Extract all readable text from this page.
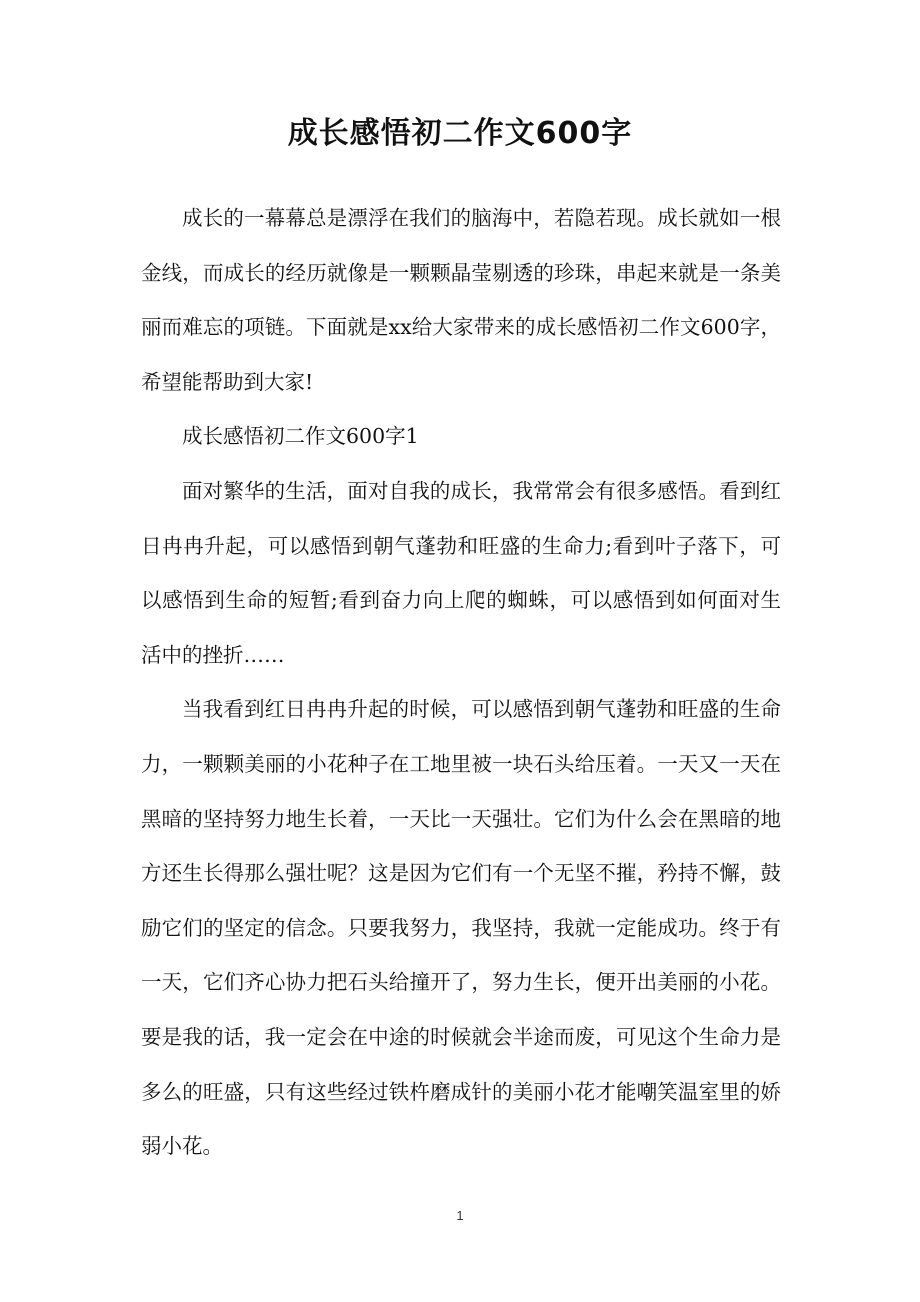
成长感悟初二作文600字

成长的一幕幕总是漂浮在我们的脑海中，若隐若现。成长就如一根金线，而成长的经历就像是一颗颗晶莹剔透的珍珠，串起来就是一条美丽而难忘的项链。下面就是xx给大家带来的成长感悟初二作文600字，希望能帮助到大家!

成长感悟初二作文600字1

面对繁华的生活，面对自我的成长，我常常会有很多感悟。看到红日冉冉升起，可以感悟到朝气蓬勃和旺盛的生命力;看到叶子落下，可以感悟到生命的短暂;看到奋力向上爬的蜘蛛，可以感悟到如何面对生活中的挫折……

当我看到红日冉冉升起的时候，可以感悟到朝气蓬勃和旺盛的生命力，一颗颗美丽的小花种子在工地里被一块石头给压着。一天又一天在黑暗的坚持努力地生长着，一天比一天强壮。它们为什么会在黑暗的地方还生长得那么强壮呢？这是因为它们有一个无坚不摧，矜持不懈，鼓励它们的坚定的信念。只要我努力，我坚持，我就一定能成功。终于有一天，它们齐心协力把石头给撞开了，努力生长，便开出美丽的小花。要是我的话，我一定会在中途的时候就会半途而废，可见这个生命力是多么的旺盛，只有这些经过铁杵磨成针的美丽小花才能嘲笑温室里的娇弱小花。

1
